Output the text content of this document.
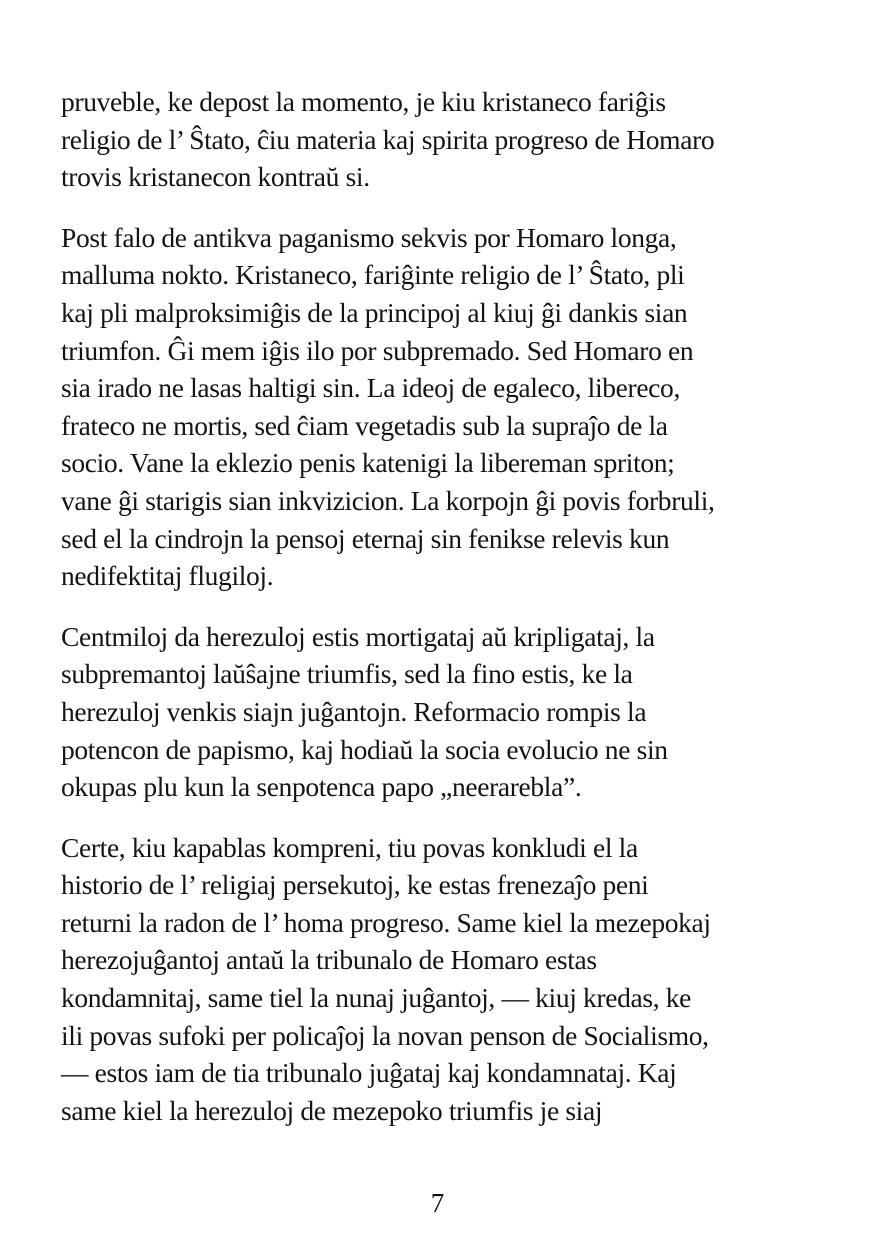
pruveble, ke depost la momento, je kiu kristaneco fariĝis
religio de l’ Ŝtato, ĉiu materia kaj spirita progreso de Homaro
trovis kristanecon kontraŭ si.
Post falo de antikva paganismo sekvis por Homaro longa,
malluma nokto. Kristaneco, fariĝinte religio de l’ Ŝtato, pli
kaj pli malproksimiĝis de la principoj al kiuj ĝi dankis sian
triumfon. Ĝi mem iĝis ilo por subpremado. Sed Homaro en
sia irado ne lasas haltigi sin. La ideoj de egaleco, libereco,
frateco ne mortis, sed ĉiam vegetadis sub la supraĵo de la
socio. Vane la eklezio penis katenigi la libereman spriton;
vane ĝi starigis sian inkvizicion. La korpojn ĝi povis forbruli,
sed el la cindrojn la pensoj eternaj sin fenikse relevis kun
nedifektitaj flugiloj.
Centmiloj da herezuloj estis mortigataj aŭ kripligataj, la
subpremantoj laŭŝajne triumfis, sed la fino estis, ke la
herezuloj venkis siajn juĝantojn. Reformacio rompis la
potencon de papismo, kaj hodiaŭ la socia evolucio ne sin
okupas plu kun la senpotenca papo „neerarebla”.
Certe, kiu kapablas kompreni, tiu povas konkludi el la
historio de l’ religiaj persekutoj, ke estas frenezaĵo peni
returni la radon de l’ homa progreso. Same kiel la mezepokaj
herezojuĝantoj antaŭ la tribunalo de Homaro estas
kondamnitaj, same tiel la nunaj juĝantoj, — kiuj kredas, ke
ili povas sufoki per policaĵoj la novan penson de Socialismo,
— estos iam de tia tribunalo juĝataj kaj kondamnataj. Kaj
same kiel la herezuloj de mezepoko triumfis je siaj
7
